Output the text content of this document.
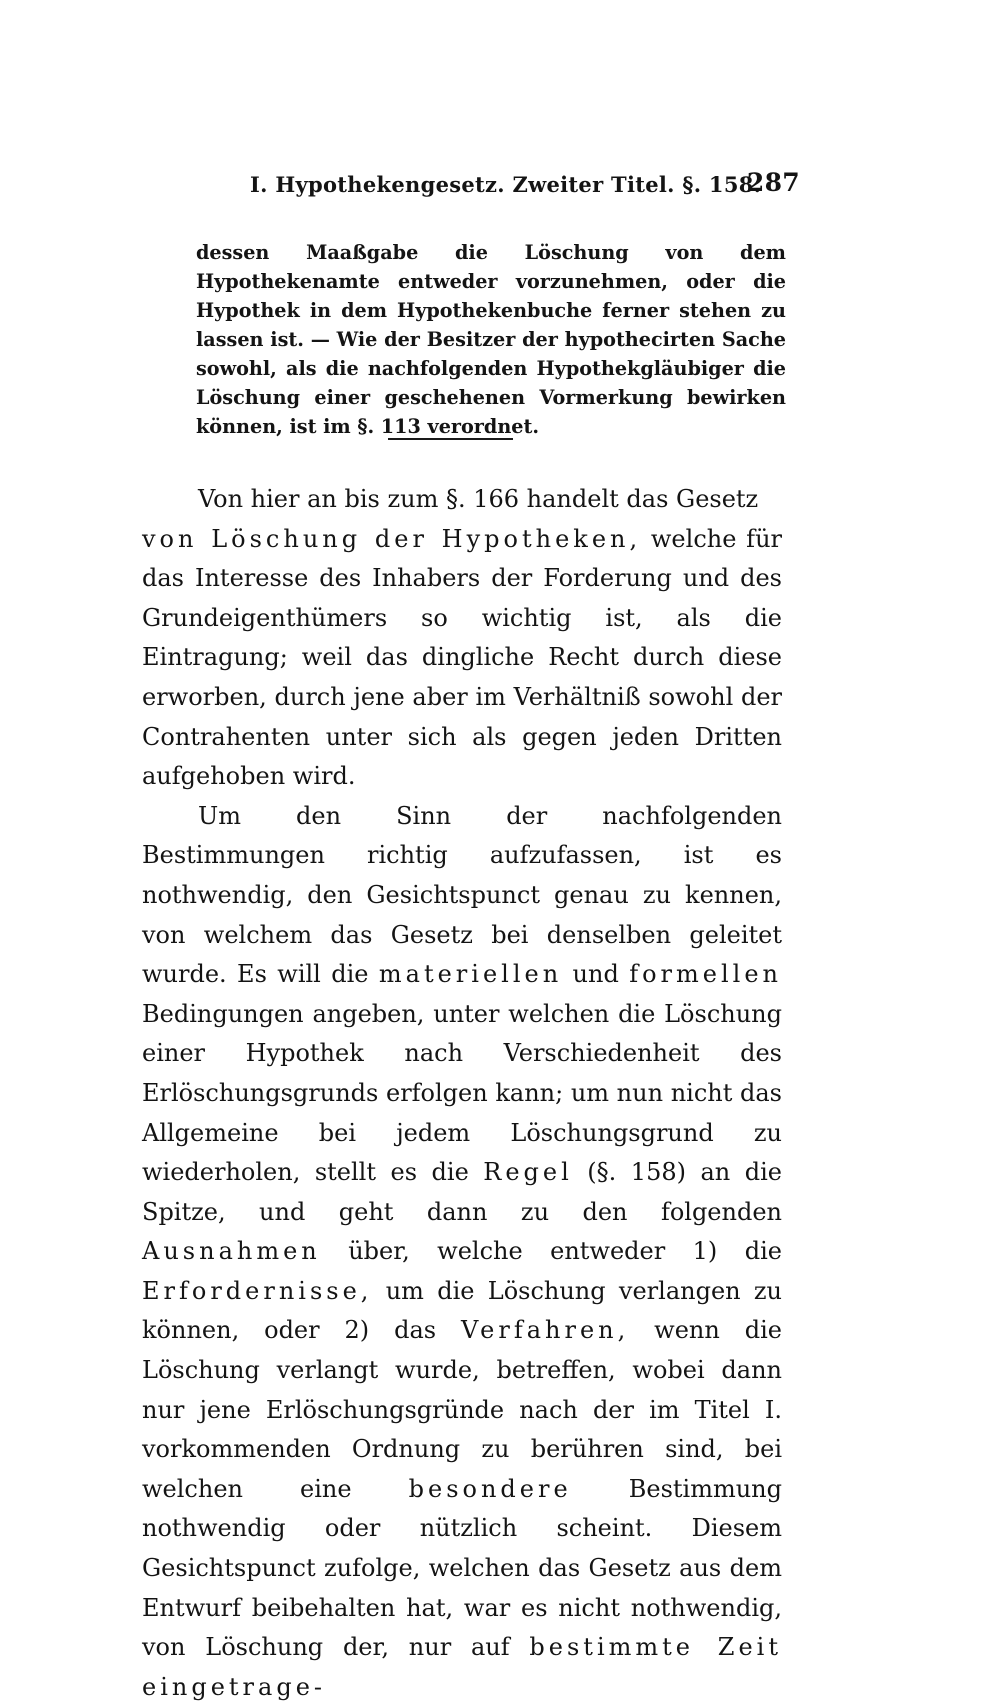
I. Hypothekengesetz. Zweiter Titel. §. 158.
287
dessen Maaßgabe die Löschung von dem Hypothekenamte entweder vorzunehmen, oder die Hypothek in dem Hypothekenbuche ferner stehen zu lassen ist. — Wie der Besitzer der hypothecirten Sache sowohl, als die nachfolgenden Hypothekgläubiger die Löschung einer geschehenen Vormerkung bewirken können, ist im §. 113 verordnet.

Von hier an bis zum §. 166 handelt das Gesetz
von Löschung der Hypotheken, welche für das Interesse des Inhabers der Forderung und des Grundeigenthümers so wichtig ist, als die Eintragung; weil das dingliche Recht durch diese erworben, durch jene aber im Verhältniß sowohl der Contrahenten unter sich als gegen jeden Dritten aufgehoben wird.

Um den Sinn der nachfolgenden Bestimmungen richtig aufzufassen, ist es nothwendig, den Gesichtspunct genau zu kennen, von welchem das Gesetz bei denselben geleitet wurde. Es will die materiellen und formellen Bedingungen angeben, unter welchen die Löschung einer Hypothek nach Verschiedenheit des Erlöschungsgrunds erfolgen kann; um nun nicht das Allgemeine bei jedem Löschungsgrund zu wiederholen, stellt es die Regel (§. 158) an die Spitze, und geht dann zu den folgenden Ausnahmen über, welche entweder 1) die Erfordernisse, um die Löschung verlangen zu können, oder 2) das Verfahren, wenn die Löschung verlangt wurde, betreffen, wobei dann nur jene Erlöschungsgründe nach der im Titel I. vorkommenden Ordnung zu berühren sind, bei welchen eine besondere Bestimmung nothwendig oder nützlich scheint. Diesem Gesichtspunct zufolge, welchen das Gesetz aus dem Entwurf beibehalten hat, war es nicht nothwendig, von Löschung der, nur auf bestimmte Zeit eingetrage-
